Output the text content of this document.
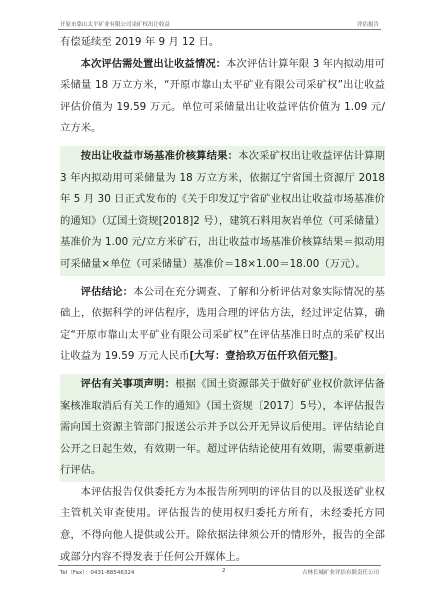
开原市靠山太平矿业有限公司采矿权出让收益	评估报告

有偿延续至 2019 年 9 月 12 日。

本次评估需处置出让收益情况：本次评估计算年限 3 年内拟动用可采储量 18 万立方米，“开原市靠山太平矿业有限公司采矿权”出让收益评估价值为 19.59 万元。单位可采储量出让收益评估价值为 1.09 元/立方米。

按出让收益市场基准价核算结果：本次采矿权出让收益评估计算期 3 年内拟动用可采储量为 18 万立方米，依据辽宁省国土资源厅 2018 年 5 月 30 日正式发布的《关于印发辽宁省矿业权出让收益市场基准价的通知》（辽国土资规[2018]2 号），建筑石料用灰岩单位（可采储量）基准价为 1.00 元/立方米矿石，出让收益市场基准价核算结果＝拟动用可采储量×单位（可采储量）基准价＝18×1.00＝18.00（万元）。

评估结论：本公司在充分调查、了解和分析评估对象实际情况的基础上，依据科学的评估程序，选用合理的评估方法，经过评定估算，确定“开原市靠山太平矿业有限公司采矿权”在评估基准日时点的采矿权出让收益为 19.59 万元人民币[大写：壹拾玖万伍仟玖佰元整]。

评估有关事项声明：根据《国土资源部关于做好矿业权价款评估备案核准取消后有关工作的通知》（国土资规〔2017〕5号），本评估报告需向国土资源主管部门报送公示并予以公开无异议后使用。评估结论自公开之日起生效，有效期一年。超过评估结论使用有效期，需要重新进行评估。

本评估报告仅供委托方为本报告所列明的评估目的以及报送矿业权主管机关审查使用。评估报告的使用权归委托方所有，未经委托方同意，不得向他人提供或公开。除依据法律须公开的情形外，报告的全部或部分内容不得发表于任何公开媒体上。

Tel（Fax）：0431-88546324	2	吉林长城矿业评估有限责任公司
